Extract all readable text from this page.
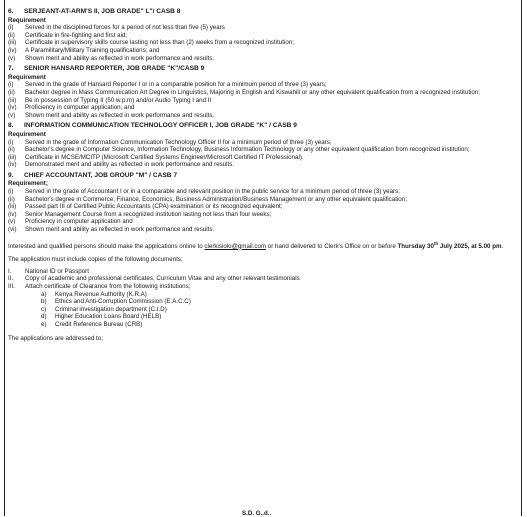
6.	SERJEANT-AT-ARM'S II, JOB GRADE" L"/ CASB 8
Requirement
(i)	Served in the disciplined forces for a period of not less than five (5) years
(ii)	Certificate in fire-fighting and first aid;
(iii)	Certificate in supervisory skills course lasting not less than (2) weeks from a recognized institution;
(iv)	A Paramilitary/Military Training qualifications; and
(v)	Shown merit and ability as reflected in work performance and results.
7.	SENIOR HANSARD REPORTER, JOB GRADE "K"/CASB 9
Requirement
(i)	Served in the grade of Hansard Reporter I or in a comparable position for a minimum period of three (3) years;
(ii)	Bachelor degree in Mass Communication Art Degree in Linguistics, Majoring in English and Kiswahili or any other equivalent qualification from a recognized institution;
(iii)	Be in possession of Typing II (50 w.p.m) and/or Audio Typing I and II
(iv)	Proficiency in computer application; and
(v)	Shown merit and ability as reflected in work performance and results.
8.	INFORMATION COMMUNICATION TECHNOLOGY OFFICER I, JOB GRADE "K" / CASB 9
Requirement
(i)	Served in the grade of Information Communication Technology Officer II for a minimum period of three (3) years;
(ii)	Bachelor's degree in Computer Science, Information Technology, Business Information Technology or any other equivalent qualification from recognized institution;
(iii)	Certificate in MCSE/MCITP (Microsoft Certified Systems Engineer/Microsoft Certified IT Professional).
(iv)	Demonstrated merit and ability as reflected in work performance and results.
9.	CHIEF ACCOUNTANT, JOB GROUP "M" / CASB 7
Requirement;
(i)	Served in the grade of Accountant I or in a comparable and relevant position in the public service for a minimum period of three (3) years;
(ii)	Bachelor's degree in Commerce, Finance, Economics, Business Administration/Business Management or any other equivalent qualification;
(iii)	Passed part III of Certified Public Accountants (CPA) examination or its recognized equivalent;
(iv)	Senior Management Course from a recognized institution lasting not less than four weeks;
(v)	Proficiency in computer application and
(vi)	Shown merit and ability as reflected in work performance and results.
Interested and qualified persons should make the applications online to clerkisiolo@gmail.com or hand delivered to Clerk's Office on or before Thursday 30th July 2025, at 5.00 pm.
The application must include copies of the following documents;
I.	National ID or Passport
II.	Copy of academic and professional certificates, Curriculum Vitae and any other relevant testimonials
III.	Attach certificate of Clearance from the following institutions;
a)	Kenya Revenue Authority (K.R.A)
b)	Ethics and Anti-Corruption Commission (E.A.C.C)
c)	Criminal investigation department (C.I.D)
d)	Higher Education Loans Board (HELB)
e)	Credit Reference Bureau (CRB)
The applications are addressed to;
S.D. G..d..
